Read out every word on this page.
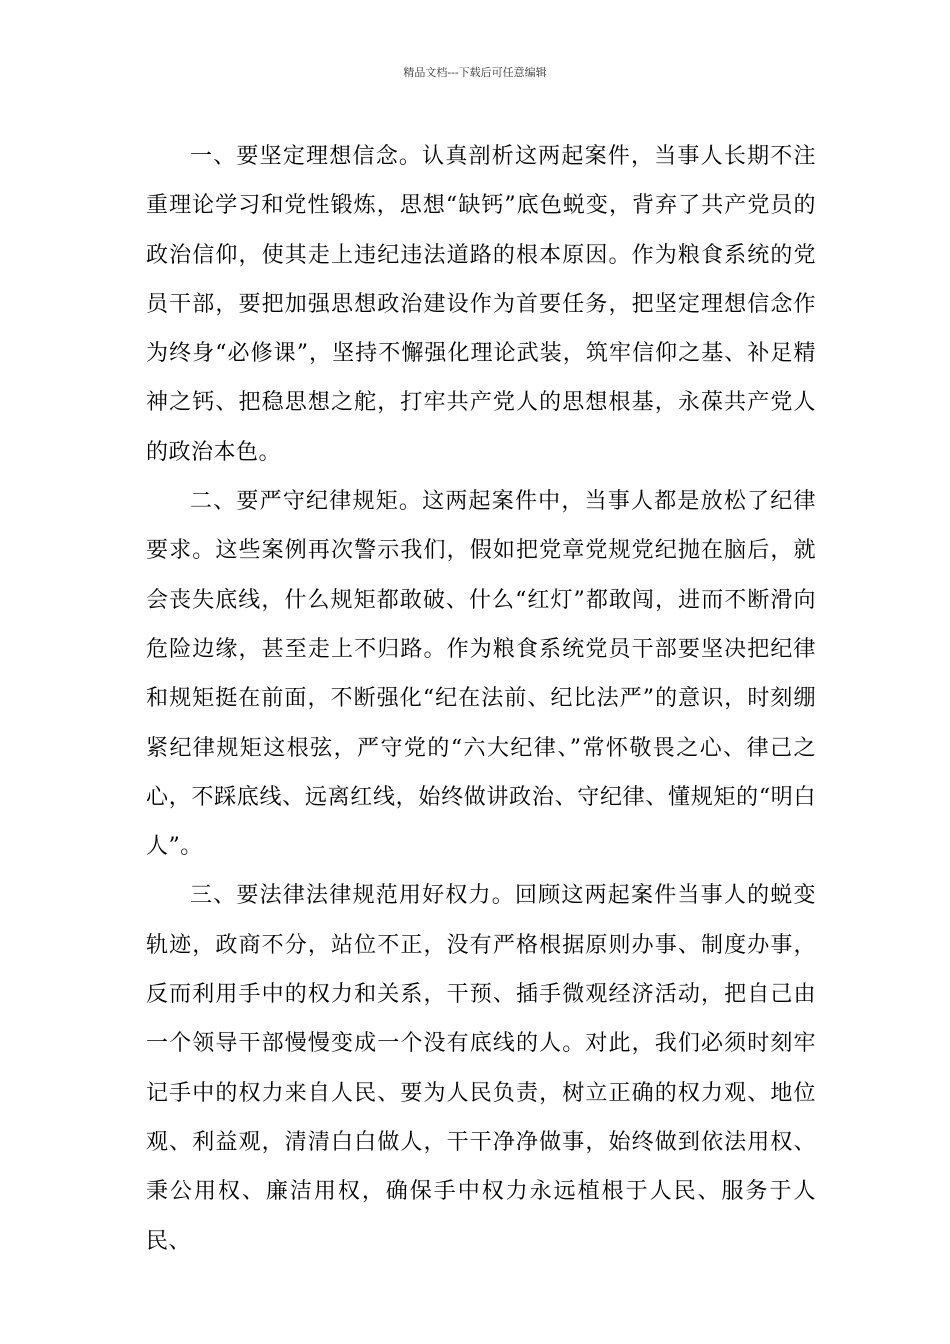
精品文档---下载后可任意编辑

一、要坚定理想信念。认真剖析这两起案件，当事人长期不注重理论学习和党性锻炼，思想“缺钙”底色蜕变，背弃了共产党员的政治信仰，使其走上违纪违法道路的根本原因。作为粮食系统的党员干部，要把加强思想政治建设作为首要任务，把坚定理想信念作为终身“必修课”，坚持不懈强化理论武装，筑牢信仰之基、补足精神之钙、把稳思想之舵，打牢共产党人的思想根基，永葆共产党人的政治本色。

二、要严守纪律规矩。这两起案件中，当事人都是放松了纪律要求。这些案例再次警示我们，假如把党章党规党纪抛在脑后，就会丧失底线，什么规矩都敢破、什么“红灯”都敢闯，进而不断滑向危险边缘，甚至走上不归路。作为粮食系统党员干部要坚决把纪律和规矩挺在前面，不断强化“纪在法前、纪比法严”的意识，时刻绷紧纪律规矩这根弦，严守党的“六大纪律、”常怀敬畏之心、律己之心，不踩底线、远离红线，始终做讲政治、守纪律、懂规矩的“明白人”。

三、要法律法律规范用好权力。回顾这两起案件当事人的蜕变轨迹，政商不分，站位不正，没有严格根据原则办事、制度办事，反而利用手中的权力和关系，干预、插手微观经济活动，把自己由一个领导干部慢慢变成一个没有底线的人。对此，我们必须时刻牢记手中的权力来自人民、要为人民负责，树立正确的权力观、地位观、利益观，清清白白做人，干干净净做事，始终做到依法用权、秉公用权、廉洁用权，确保手中权力永远植根于人民、服务于人民、
